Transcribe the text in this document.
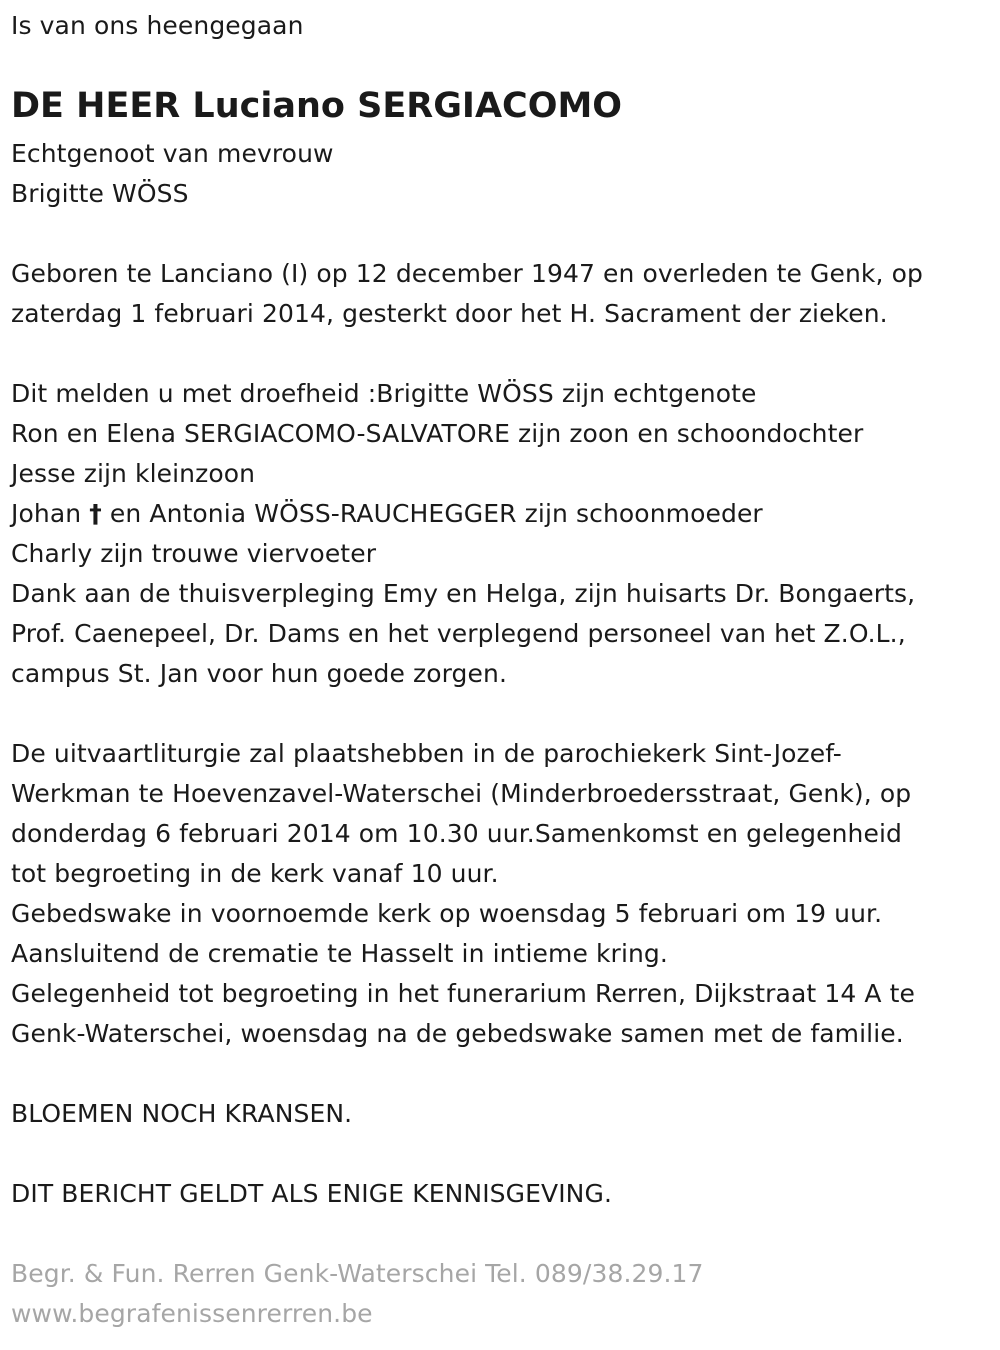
Is van ons heengegaan
DE HEER Luciano SERGIACOMO
Echtgenoot van mevrouw
Brigitte WÖSS
Geboren te Lanciano (I) op 12 december 1947 en overleden te Genk, op
zaterdag 1 februari 2014, gesterkt door het H. Sacrament der zieken.
Dit melden u met droefheid :Brigitte WÖSS zijn echtgenote
Ron en Elena SERGIACOMO-SALVATORE zijn zoon en schoondochter
Jesse zijn kleinzoon
Johan † en Antonia WÖSS-RAUCHEGGER zijn schoonmoeder
Charly zijn trouwe viervoeter
Dank aan de thuisverpleging Emy en Helga, zijn huisarts Dr. Bongaerts,
Prof. Caenepeel, Dr. Dams en het verplegend personeel van het Z.O.L.,
campus St. Jan voor hun goede zorgen.
De uitvaartliturgie zal plaatshebben in de parochiekerk Sint-Jozef-
Werkman te Hoevenzavel-Waterschei (Minderbroedersstraat, Genk), op
donderdag 6 februari 2014 om 10.30 uur.Samenkomst en gelegenheid
tot begroeting in de kerk vanaf 10 uur.
Gebedswake in voornoemde kerk op woensdag 5 februari om 19 uur.
Aansluitend de crematie te Hasselt in intieme kring.
Gelegenheid tot begroeting in het funerarium Rerren, Dijkstraat 14 A te
Genk-Waterschei, woensdag na de gebedswake samen met de familie.
BLOEMEN NOCH KRANSEN.
DIT BERICHT GELDT ALS ENIGE KENNISGEVING.
Begr. & Fun. Rerren Genk-Waterschei Tel. 089/38.29.17
www.begrafenissenrerren.be
